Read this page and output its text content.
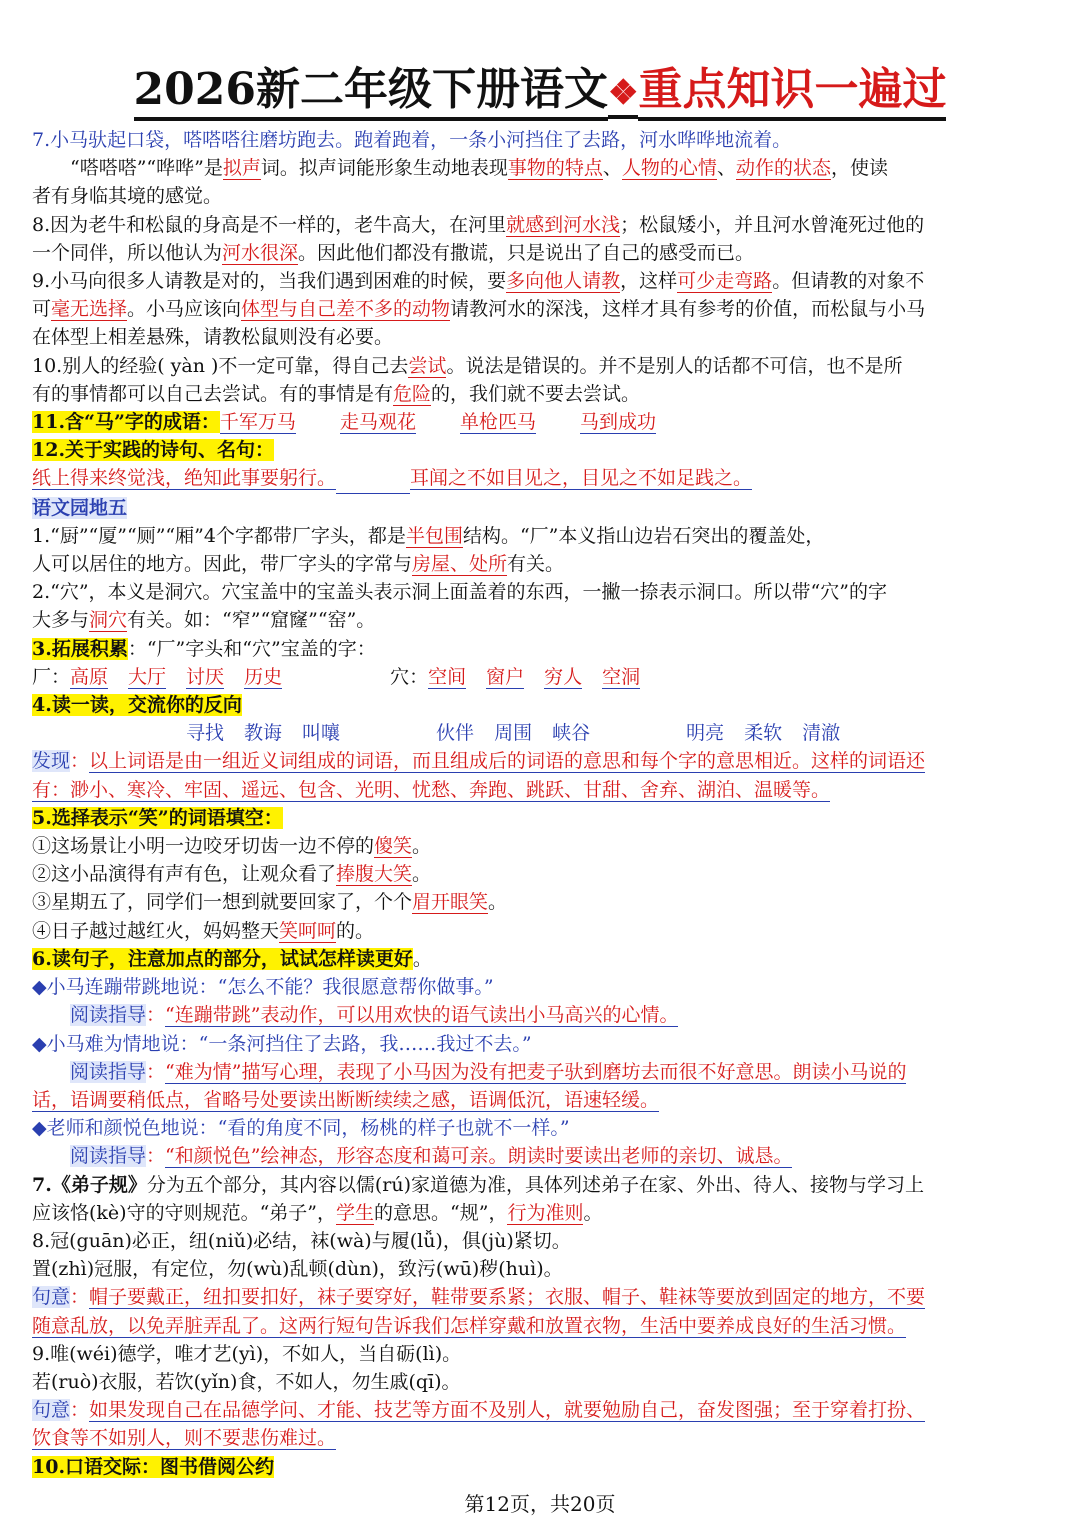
2026新二年级下册语文❖重点知识一遍过

7.小马驮起口袋，嗒嗒嗒往磨坊跑去。跑着跑着，一条小河挡住了去路，河水哗哗地流着。

“嗒嗒嗒”“哗哗”是拟声词。拟声词能形象生动地表现事物的特点、人物的心情、动作的状态，使读

者有身临其境的感觉。

8.因为老牛和松鼠的身高是不一样的，老牛高大，在河里就感到河水浅；松鼠矮小，并且河水曾淹死过他的

一个同伴，所以他认为河水很深。因此他们都没有撒谎，只是说出了自己的感受而已。

9.小马向很多人请教是对的，当我们遇到困难的时候，要多向他人请教，这样可少走弯路。但请教的对象不

可毫无选择。小马应该向体型与自己差不多的动物请教河水的深浅，这样才具有参考的价值，而松鼠与小马

在体型上相差悬殊，请教松鼠则没有必要。

10.别人的经验( yàn )不一定可靠，得自己去尝试。说法是错误的。并不是别人的话都不可信，也不是所

有的事情都可以自己去尝试。有的事情是有危险的，我们就不要去尝试。

11.含“马”字的成语：千军万马 走马观花 单枪匹马 马到成功

12.关于实践的诗句、名句：

纸上得来终觉浅，绝知此事要躬行。	耳闻之不如目见之，目见之不如足践之。

语文园地五

1.“厨”“厦”“厕”“厢”4个字都带厂字头，都是半包围结构。“厂”本义指山边岩石突出的覆盖处，

人可以居住的地方。因此，带厂字头的字常与房屋、处所有关。

2.“穴”，本义是洞穴。穴宝盖中的宝盖头表示洞上面盖着的东西，一撇一捺表示洞口。所以带“穴”的字

大多与洞穴有关。如：“窄”“窟窿”“窑”。

3.拓展积累：“厂”字头和“穴”宝盖的字：

厂：高原 大厅 讨厌 历史	穴：空间 窗户 穷人 空洞

4.读一读，交流你的反向

寻找 教诲 叫嚷	伙伴 周围 峡谷	明亮 柔软 清澈

发现：以上词语是由一组近义词组成的词语，而且组成后的词语的意思和每个字的意思相近。这样的词语还

有：渺小、寒冷、牢固、遥远、包含、光明、忧愁、奔跑、跳跃、甘甜、舍弃、湖泊、温暖等。

5.选择表示“笑”的词语填空：

①这场景让小明一边咬牙切齿一边不停的傻笑。

②这小品演得有声有色，让观众看了捧腹大笑。

③星期五了，同学们一想到就要回家了，个个眉开眼笑。

④日子越过越红火，妈妈整天笑呵呵的。

6.读句子，注意加点的部分，试试怎样读更好。

◆小马连蹦带跳地说：“怎么不能？我很愿意帮你做事。”

阅读指导：“连蹦带跳”表动作，可以用欢快的语气读出小马高兴的心情。

◆小马难为情地说：“一条河挡住了去路，我……我过不去。”

阅读指导：“难为情”描写心理，表现了小马因为没有把麦子驮到磨坊去而很不好意思。朗读小马说的

话，语调要稍低点，省略号处要读出断断续续之感，语调低沉，语速轻缓。

◆老师和颜悦色地说：“看的角度不同，杨桃的样子也就不一样。”

阅读指导：“和颜悦色”绘神态，形容态度和蔼可亲。朗读时要读出老师的亲切、诚恳。

7.《弟子规》分为五个部分，其内容以儒(rú)家道德为准，具体列述弟子在家、外出、待人、接物与学习上

应该恪(kè)守的守则规范。“弟子”，学生的意思。“规”，行为准则。

8.冠(guān)必正，纽(niǔ)必结，袜(wà)与履(lǚ)，俱(jù)紧切。

置(zhì)冠服，有定位，勿(wù)乱顿(dùn)，致污(wū)秽(huì)。

句意：帽子要戴正，纽扣要扣好，袜子要穿好，鞋带要系紧；衣服、帽子、鞋袜等要放到固定的地方，不要

随意乱放，以免弄脏弄乱了。这两行短句告诉我们怎样穿戴和放置衣物，生活中要养成良好的生活习惯。

9.唯(wéi)德学，唯才艺(yì)，不如人，当自砺(lì)。

若(ruò)衣服，若饮(yǐn)食，不如人，勿生戚(qī)。

句意：如果发现自己在品德学问、才能、技艺等方面不及别人，就要勉励自己，奋发图强；至于穿着打扮、

饮食等不如别人，则不要悲伤难过。

10.口语交际：图书借阅公约

第12页，共20页
